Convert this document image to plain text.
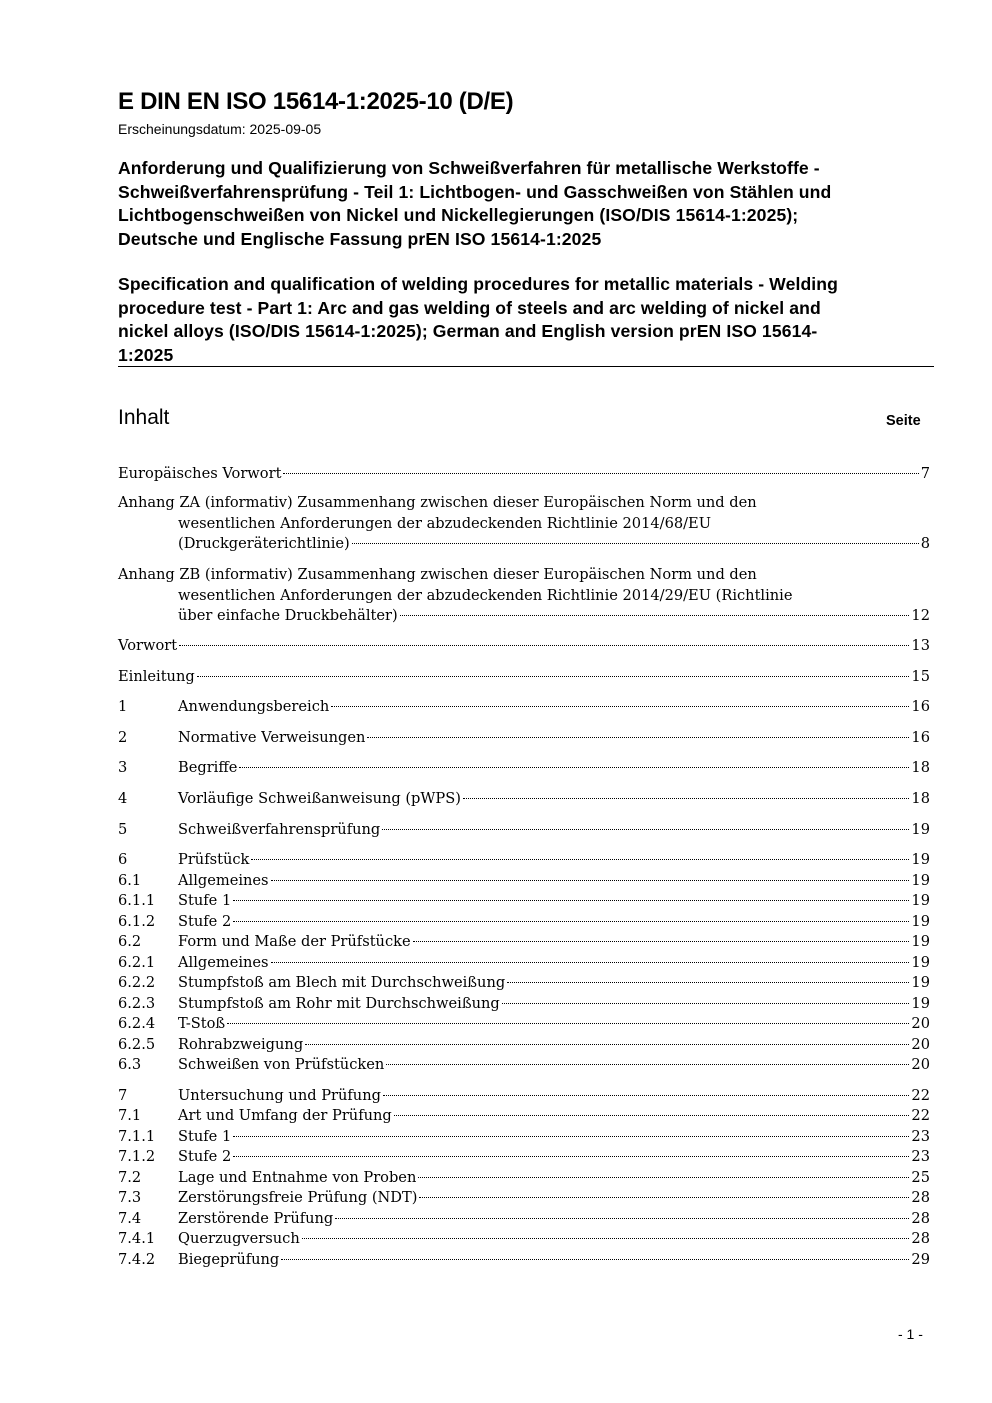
E DIN EN ISO 15614-1:2025-10 (D/E)

Erscheinungsdatum: 2025-09-05

Anforderung und Qualifizierung von Schweißverfahren für metallische Werkstoffe -
Schweißverfahrensprüfung - Teil 1: Lichtbogen- und Gasschweißen von Stählen und
Lichtbogenschweißen von Nickel und Nickellegierungen (ISO/DIS 15614-1:2025);
Deutsche und Englische Fassung prEN ISO 15614-1:2025
Specification and qualification of welding procedures for metallic materials - Welding
procedure test - Part 1: Arc and gas welding of steels and arc welding of nickel and
nickel alloys (ISO/DIS 15614-1:2025); German and English version prEN ISO 15614-
1:2025
Inhalt	Seite
Europäisches Vorwort	7
Anhang ZA (informativ) Zusammenhang zwischen dieser Europäischen Norm und den
wesentlichen Anforderungen der abzudeckenden Richtlinie 2014/68/EU
(Druckgeräterichtlinie)	8
Anhang ZB (informativ) Zusammenhang zwischen dieser Europäischen Norm und den
wesentlichen Anforderungen der abzudeckenden Richtlinie 2014/29/EU (Richtlinie
über einfache Druckbehälter)	12
Vorwort	13
Einleitung	15
1	Anwendungsbereich	16
2	Normative Verweisungen	16
3	Begriffe	18
4	Vorläufige Schweißanweisung (pWPS)	18
5	Schweißverfahrensprüfung	19
6	Prüfstück	19
6.1	Allgemeines	19
6.1.1	Stufe 1	19
6.1.2	Stufe 2	19
6.2	Form und Maße der Prüfstücke	19
6.2.1	Allgemeines	19
6.2.2	Stumpfstoß am Blech mit Durchschweißung	19
6.2.3	Stumpfstoß am Rohr mit Durchschweißung	19
6.2.4	T-Stoß	20
6.2.5	Rohrabzweigung	20
6.3	Schweißen von Prüfstücken	20
7	Untersuchung und Prüfung	22
7.1	Art und Umfang der Prüfung	22
7.1.1	Stufe 1	23
7.1.2	Stufe 2	23
7.2	Lage und Entnahme von Proben	25
7.3	Zerstörungsfreie Prüfung (NDT)	28
7.4	Zerstörende Prüfung	28
7.4.1	Querzugversuch	28
7.4.2	Biegeprüfung	29
- 1 -
